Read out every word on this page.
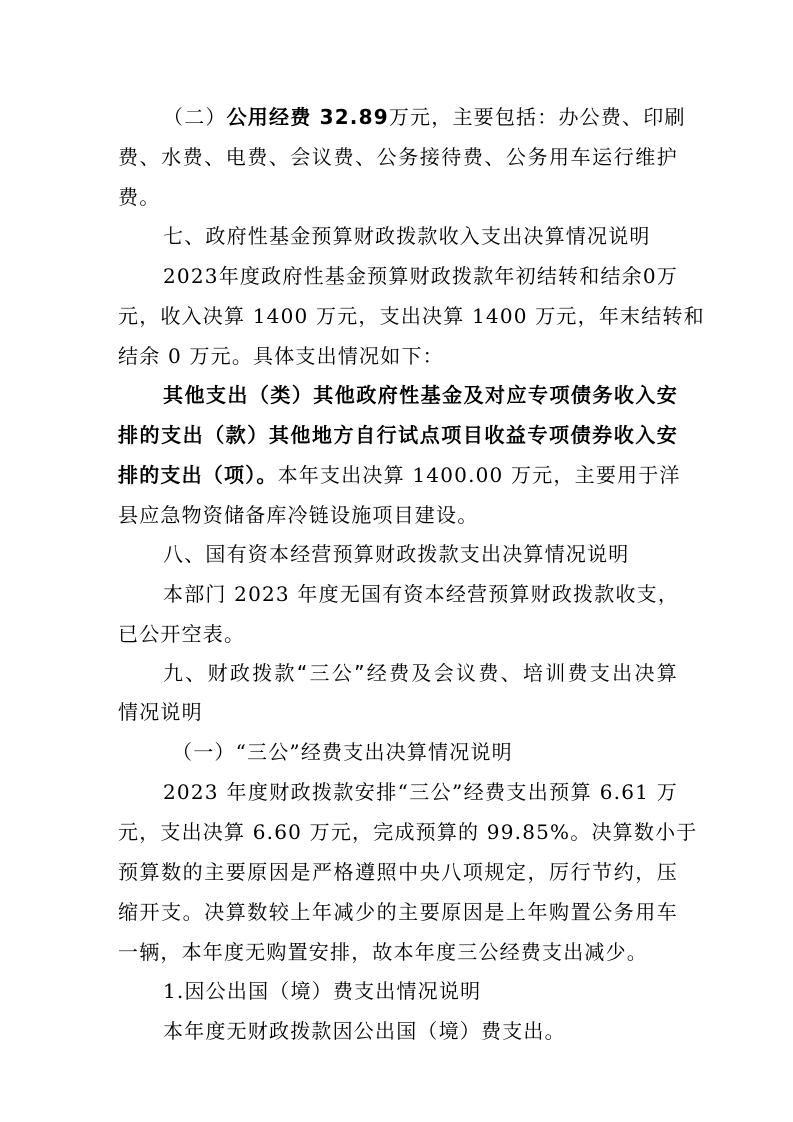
（二）公用经费 32.89万元，主要包括：办公费、印刷
费、水费、电费、会议费、公务接待费、公务用车运行维护
费。
七、政府性基金预算财政拨款收入支出决算情况说明
2023年度政府性基金预算财政拨款年初结转和结余0万
元，收入决算 1400 万元，支出决算 1400 万元，年末结转和
结余 0 万元。具体支出情况如下：
其他支出（类）其他政府性基金及对应专项债务收入安
排的支出（款）其他地方自行试点项目收益专项债券收入安
排的支出（项）。本年支出决算 1400.00 万元，主要用于洋
县应急物资储备库冷链设施项目建设。
八、国有资本经营预算财政拨款支出决算情况说明
本部门 2023 年度无国有资本经营预算财政拨款收支，
已公开空表。
九、财政拨款“三公”经费及会议费、培训费支出决算
情况说明
（一）“三公”经费支出决算情况说明
2023 年度财政拨款安排“三公”经费支出预算 6.61 万
元，支出决算 6.60 万元，完成预算的 99.85%。决算数小于
预算数的主要原因是严格遵照中央八项规定，厉行节约，压
缩开支。决算数较上年减少的主要原因是上年购置公务用车
一辆，本年度无购置安排，故本年度三公经费支出减少。
1.因公出国（境）费支出情况说明
本年度无财政拨款因公出国（境）费支出。
